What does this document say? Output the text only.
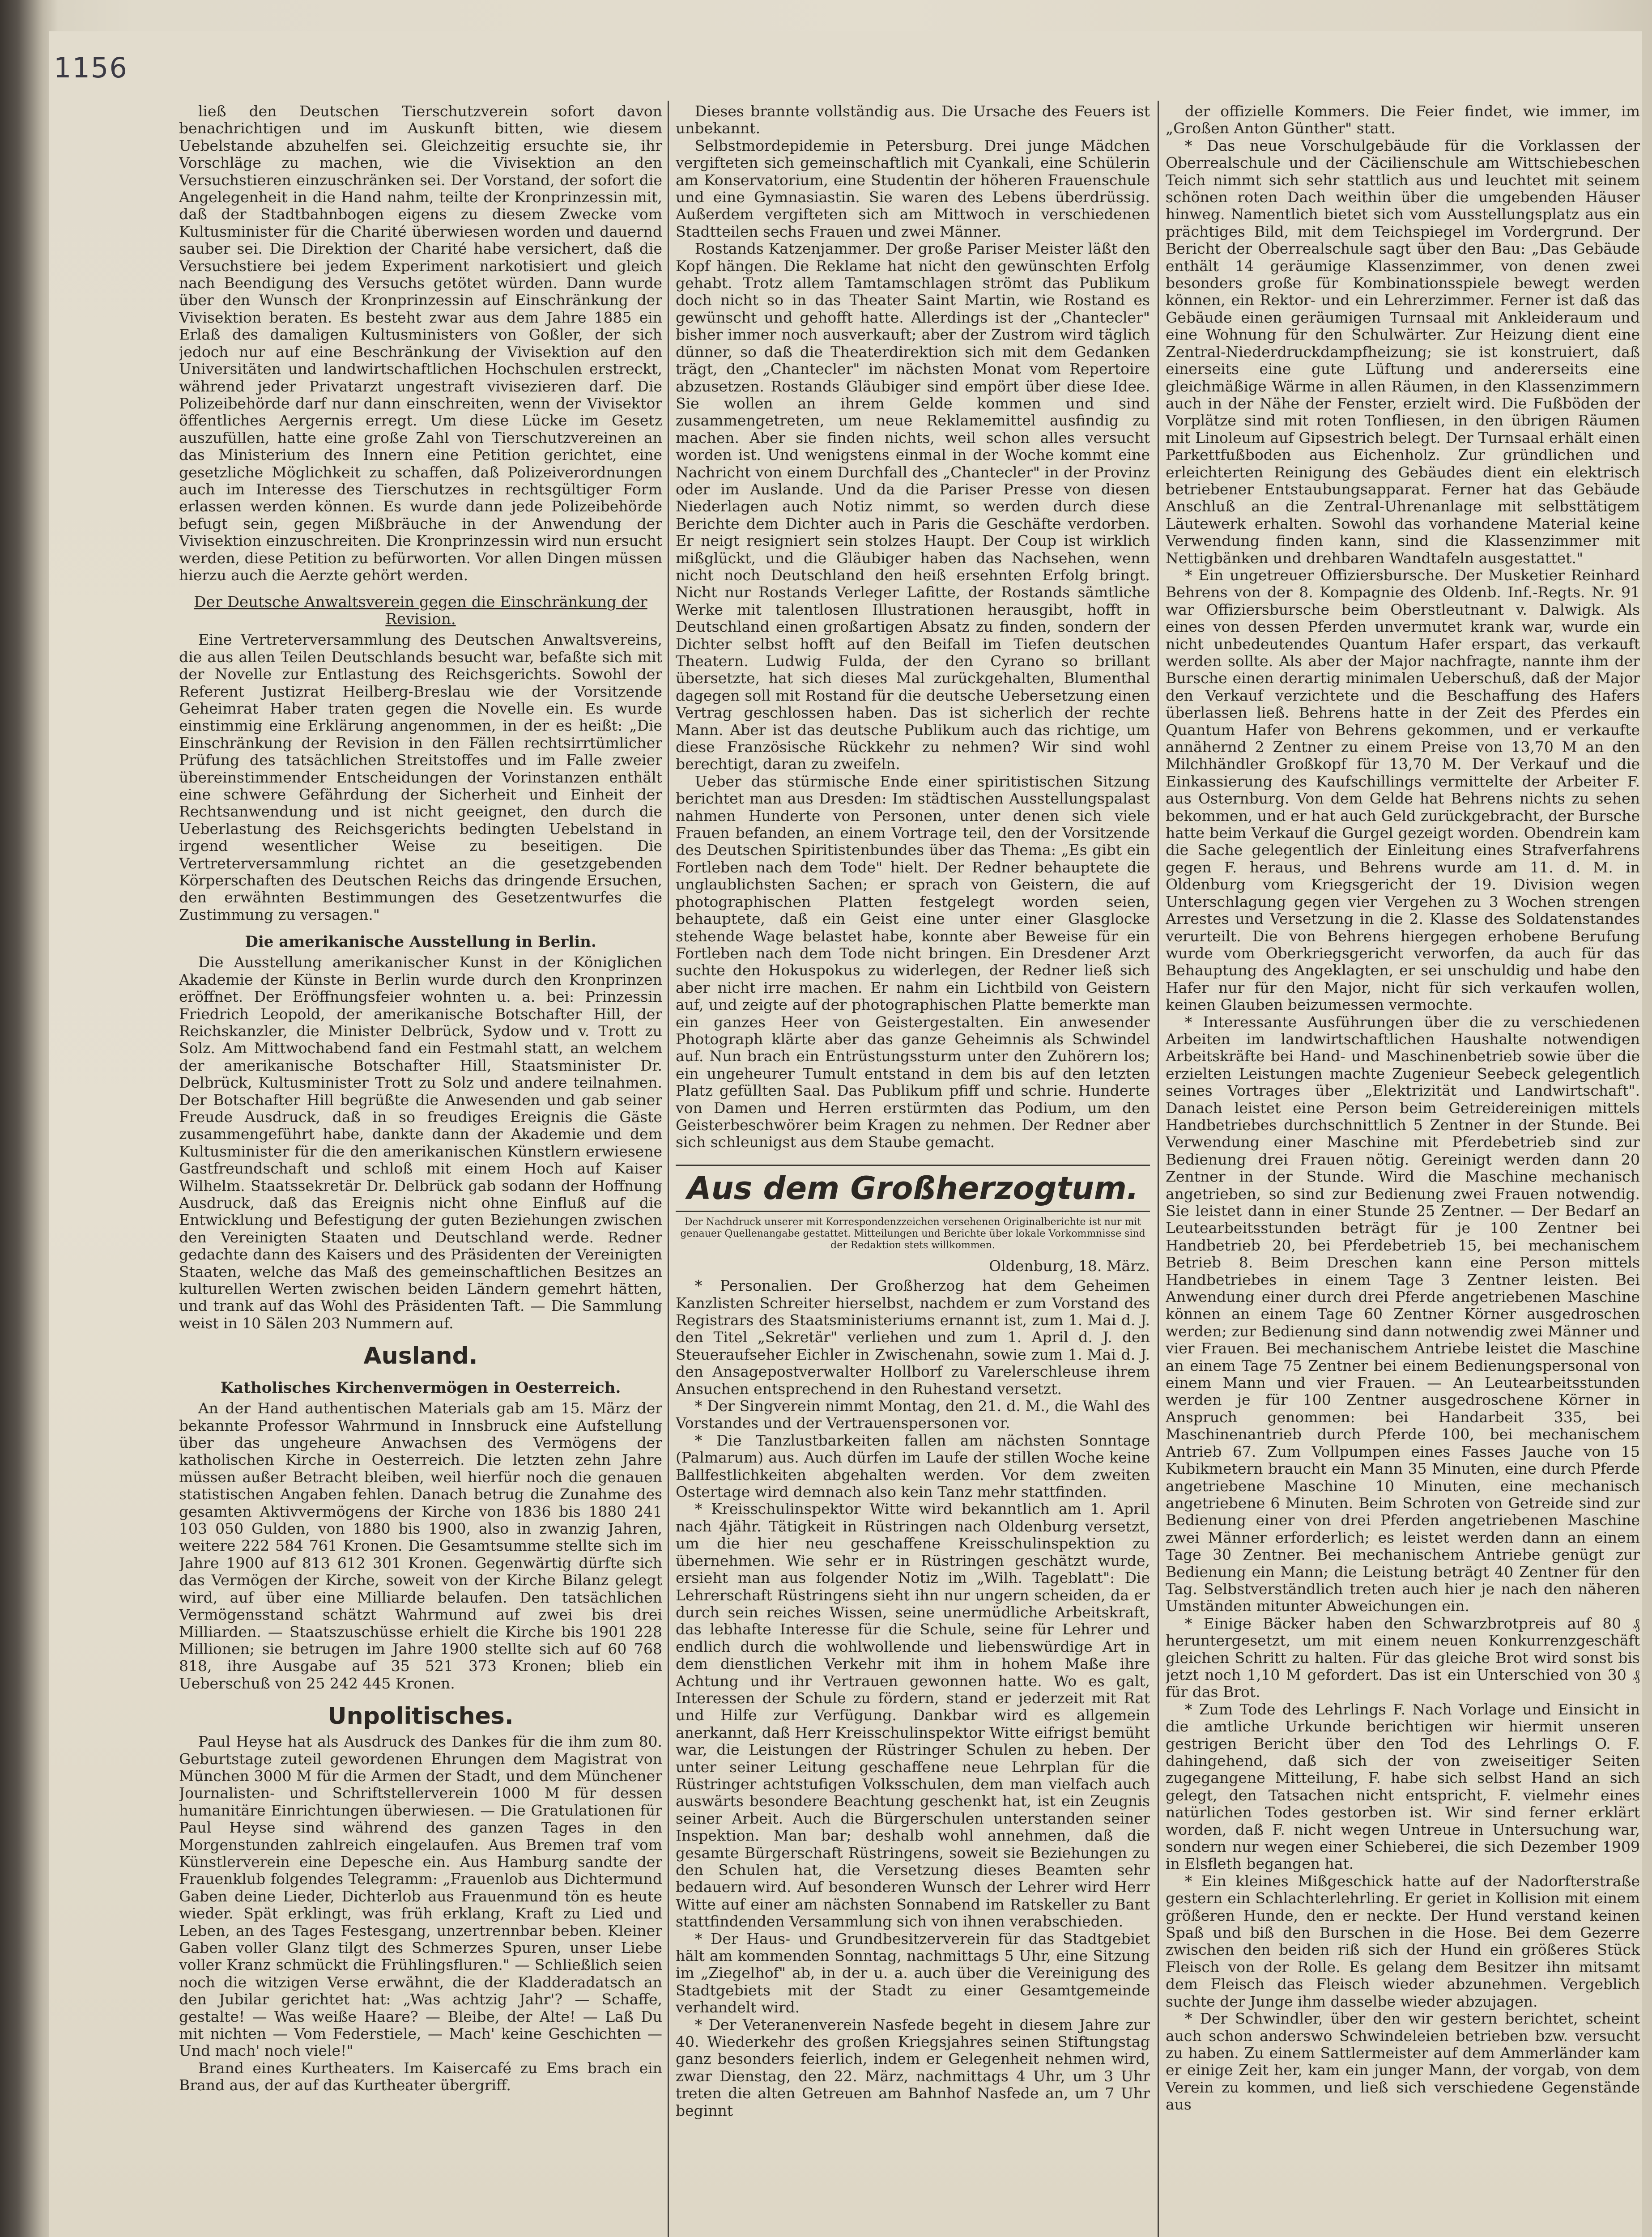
1156

ließ den Deutschen Tierschutzverein sofort davon benachrichtigen und im Auskunft bitten, wie diesem Uebelstande abzuhelfen sei. Gleichzeitig ersuchte sie, ihr Vorschläge zu machen, wie die Vivisektion an den Versuchstieren einzuschränken sei. Der Vorstand, der sofort die Angelegenheit in die Hand nahm, teilte der Kronprinzessin mit, daß der Stadtbahnbogen eigens zu diesem Zwecke vom Kultusminister für die Charité überwiesen worden und dauernd sauber sei. Die Direktion der Charité habe versichert, daß die Versuchstiere bei jedem Experiment narkotisiert und gleich nach Beendigung des Versuchs getötet würden. Dann wurde über den Wunsch der Kronprinzessin auf Einschränkung der Vivisektion beraten. Es besteht zwar aus dem Jahre 1885 ein Erlaß des damaligen Kultusministers von Goßler, der sich jedoch nur auf eine Beschränkung der Vivisektion auf den Universitäten und landwirtschaftlichen Hochschulen erstreckt, während jeder Privatarzt ungestraft vivisezieren darf. Die Polizeibehörde darf nur dann einschreiten, wenn der Vivisektor öffentliches Aergernis erregt. Um diese Lücke im Gesetz auszufüllen, hatte eine große Zahl von Tierschutzvereinen an das Ministerium des Innern eine Petition gerichtet, eine gesetzliche Möglichkeit zu schaffen, daß Polizeiverordnungen auch im Interesse des Tierschutzes in rechtsgültiger Form erlassen werden können. Es wurde dann jede Polizeibehörde befugt sein, gegen Mißbräuche in der Anwendung der Vivisektion einzuschreiten. Die Kronprinzessin wird nun ersucht werden, diese Petition zu befürworten. Vor allen Dingen müssen hierzu auch die Aerzte gehört werden.

Der Deutsche Anwaltsverein gegen die Einschränkung der Revision.

Eine Vertreterversammlung des Deutschen Anwaltsvereins, die aus allen Teilen Deutschlands besucht war, befaßte sich mit der Novelle zur Entlastung des Reichsgerichts. Sowohl der Referent Justizrat Heilberg-Breslau wie der Vorsitzende Geheimrat Haber traten gegen die Novelle ein. Es wurde einstimmig eine Erklärung angenommen, in der es heißt: „Die Einschränkung der Revision in den Fällen rechtsirrtümlicher Prüfung des tatsächlichen Streitstoffes und im Falle zweier übereinstimmender Entscheidungen der Vorinstanzen enthält eine schwere Gefährdung der Sicherheit und Einheit der Rechtsanwendung und ist nicht geeignet, den durch die Ueberlastung des Reichsgerichts bedingten Uebelstand in irgend wesentlicher Weise zu beseitigen. Die Vertreterversammlung richtet an die gesetzgebenden Körperschaften des Deutschen Reichs das dringende Ersuchen, den erwähnten Bestimmungen des Gesetzentwurfes die Zustimmung zu versagen."

Die amerikanische Ausstellung in Berlin.

Die Ausstellung amerikanischer Kunst in der Königlichen Akademie der Künste in Berlin wurde durch den Kronprinzen eröffnet. Der Eröffnungsfeier wohnten u. a. bei: Prinzessin Friedrich Leopold, der amerikanische Botschafter Hill, der Reichskanzler, die Minister Delbrück, Sydow und v. Trott zu Solz. Am Mittwochabend fand ein Festmahl statt, an welchem der amerikanische Botschafter Hill, Staatsminister Dr. Delbrück, Kultusminister Trott zu Solz und andere teilnahmen. Der Botschafter Hill begrüßte die Anwesenden und gab seiner Freude Ausdruck, daß in so freudiges Ereignis die Gäste zusammengeführt habe, dankte dann der Akademie und dem Kultusminister für die den amerikanischen Künstlern erwiesene Gastfreundschaft und schloß mit einem Hoch auf Kaiser Wilhelm. Staatssekretär Dr. Delbrück gab sodann der Hoffnung Ausdruck, daß das Ereignis nicht ohne Einfluß auf die Entwicklung und Befestigung der guten Beziehungen zwischen den Vereinigten Staaten und Deutschland werde. Redner gedachte dann des Kaisers und des Präsidenten der Vereinigten Staaten, welche das Maß des gemeinschaftlichen Besitzes an kulturellen Werten zwischen beiden Ländern gemehrt hätten, und trank auf das Wohl des Präsidenten Taft. — Die Sammlung weist in 10 Sälen 203 Nummern auf.

Ausland.
Katholisches Kirchenvermögen in Oesterreich.

An der Hand authentischen Materials gab am 15. März der bekannte Professor Wahrmund in Innsbruck eine Aufstellung über das ungeheure Anwachsen des Vermögens der katholischen Kirche in Oesterreich. Die letzten zehn Jahre müssen außer Betracht bleiben, weil hierfür noch die genauen statistischen Angaben fehlen. Danach betrug die Zunahme des gesamten Aktivvermögens der Kirche von 1836 bis 1880 241 103 050 Gulden, von 1880 bis 1900, also in zwanzig Jahren, weitere 222 584 761 Kronen. Die Gesamtsumme stellte sich im Jahre 1900 auf 813 612 301 Kronen. Gegenwärtig dürfte sich das Vermögen der Kirche, soweit von der Kirche Bilanz gelegt wird, auf über eine Milliarde belaufen. Den tatsächlichen Vermögensstand schätzt Wahrmund auf zwei bis drei Milliarden. — Staatszuschüsse erhielt die Kirche bis 1901 228 Millionen; sie betrugen im Jahre 1900 stellte sich auf 60 768 818, ihre Ausgabe auf 35 521 373 Kronen; blieb ein Ueberschuß von 25 242 445 Kronen.

Unpolitisches.

Paul Heyse hat als Ausdruck des Dankes für die ihm zum 80. Geburtstage zuteil gewordenen Ehrungen dem Magistrat von München 3000 M für die Armen der Stadt, und dem Münchener Journalisten- und Schriftstellerverein 1000 M für dessen humanitäre Einrichtungen überwiesen. — Die Gratulationen für Paul Heyse sind während des ganzen Tages in den Morgenstunden zahlreich eingelaufen. Aus Bremen traf vom Künstlerverein eine Depesche ein. Aus Hamburg sandte der Frauenklub folgendes Telegramm: „Frauenlob aus Dichtermund Gaben deine Lieder, Dichterlob aus Frauenmund tön es heute wieder. Spät erklingt, was früh erklang, Kraft zu Lied und Leben, an des Tages Festesgang, unzertrennbar beben. Kleiner Gaben voller Glanz tilgt des Schmerzes Spuren, unser Liebe voller Kranz schmückt die Frühlingsfluren." — Schließlich seien noch die witzigen Verse erwähnt, die der Kladderadatsch an den Jubilar gerichtet hat: „Was achtzig Jahr'? — Schaffe, gestalte! — Was weiße Haare? — Bleibe, der Alte! — Laß Du mit nichten — Vom Federstiele, — Mach' keine Geschichten — Und mach' noch viele!"

Brand eines Kurtheaters. Im Kaisercafé zu Ems brach ein Brand aus, der auf das Kurtheater übergriff.

Dieses brannte vollständig aus. Die Ursache des Feuers ist unbekannt.

Selbstmordepidemie in Petersburg. Drei junge Mädchen vergifteten sich gemeinschaftlich mit Cyankali, eine Schülerin am Konservatorium, eine Studentin der höheren Frauenschule und eine Gymnasiastin. Sie waren des Lebens überdrüssig. Außerdem vergifteten sich am Mittwoch in verschiedenen Stadtteilen sechs Frauen und zwei Männer.

Rostands Katzenjammer. Der große Pariser Meister läßt den Kopf hängen. Die Reklame hat nicht den gewünschten Erfolg gehabt. Trotz allem Tamtamschlagen strömt das Publikum doch nicht so in das Theater Saint Martin, wie Rostand es gewünscht und gehofft hatte. Allerdings ist der „Chantecler" bisher immer noch ausverkauft; aber der Zustrom wird täglich dünner, so daß die Theaterdirektion sich mit dem Gedanken trägt, den „Chantecler" im nächsten Monat vom Repertoire abzusetzen. Rostands Gläubiger sind empört über diese Idee. Sie wollen an ihrem Gelde kommen und sind zusammengetreten, um neue Reklamemittel ausfindig zu machen. Aber sie finden nichts, weil schon alles versucht worden ist. Und wenigstens einmal in der Woche kommt eine Nachricht von einem Durchfall des „Chantecler" in der Provinz oder im Auslande. Und da die Pariser Presse von diesen Niederlagen auch Notiz nimmt, so werden durch diese Berichte dem Dichter auch in Paris die Geschäfte verdorben. Er neigt resigniert sein stolzes Haupt. Der Coup ist wirklich mißglückt, und die Gläubiger haben das Nachsehen, wenn nicht noch Deutschland den heiß ersehnten Erfolg bringt. Nicht nur Rostands Verleger Lafitte, der Rostands sämtliche Werke mit talentlosen Illustrationen herausgibt, hofft in Deutschland einen großartigen Absatz zu finden, sondern der Dichter selbst hofft auf den Beifall im Tiefen deutschen Theatern. Ludwig Fulda, der den Cyrano so brillant übersetzte, hat sich dieses Mal zurückgehalten, Blumenthal dagegen soll mit Rostand für die deutsche Uebersetzung einen Vertrag geschlossen haben. Das ist sicherlich der rechte Mann. Aber ist das deutsche Publikum auch das richtige, um diese Französische Rückkehr zu nehmen? Wir sind wohl berechtigt, daran zu zweifeln.

Ueber das stürmische Ende einer spiritistischen Sitzung berichtet man aus Dresden: Im städtischen Ausstellungspalast nahmen Hunderte von Personen, unter denen sich viele Frauen befanden, an einem Vortrage teil, den der Vorsitzende des Deutschen Spiritistenbundes über das Thema: „Es gibt ein Fortleben nach dem Tode" hielt. Der Redner behauptete die unglaublichsten Sachen; er sprach von Geistern, die auf photographischen Platten festgelegt worden seien, behauptete, daß ein Geist eine unter einer Glasglocke stehende Wage belastet habe, konnte aber Beweise für ein Fortleben nach dem Tode nicht bringen. Ein Dresdener Arzt suchte den Hokuspokus zu widerlegen, der Redner ließ sich aber nicht irre machen. Er nahm ein Lichtbild von Geistern auf, und zeigte auf der photographischen Platte bemerkte man ein ganzes Heer von Geistergestalten. Ein anwesender Photograph klärte aber das ganze Geheimnis als Schwindel auf. Nun brach ein Entrüstungssturm unter den Zuhörern los; ein ungeheurer Tumult entstand in dem bis auf den letzten Platz gefüllten Saal. Das Publikum pfiff und schrie. Hunderte von Damen und Herren erstürmten das Podium, um den Geisterbeschwörer beim Kragen zu nehmen. Der Redner aber sich schleunigst aus dem Staube gemacht.

Aus dem Großherzogtum.
Der Nachdruck unserer mit Korrespondenzzeichen versehenen Originalberichte ist nur mit genauer Quellenangabe gestattet. Mitteilungen und Berichte über lokale Vorkommnisse sind der Redaktion stets willkommen.
Oldenburg, 18. März.

* Personalien. Der Großherzog hat dem Geheimen Kanzlisten Schreiter hierselbst, nachdem er zum Vorstand des Registrars des Staatsministeriums ernannt ist, zum 1. Mai d. J. den Titel „Sekretär" verliehen und zum 1. April d. J. den Steueraufseher Eichler in Zwischenahn, sowie zum 1. Mai d. J. den Ansagepostverwalter Hollborf zu Varelerschleuse ihrem Ansuchen entsprechend in den Ruhestand versetzt.

* Der Singverein nimmt Montag, den 21. d. M., die Wahl des Vorstandes und der Vertrauenspersonen vor.

* Die Tanzlustbarkeiten fallen am nächsten Sonntage (Palmarum) aus. Auch dürfen im Laufe der stillen Woche keine Ballfestlichkeiten abgehalten werden. Vor dem zweiten Ostertage wird demnach also kein Tanz mehr stattfinden.

* Kreisschulinspektor Witte wird bekanntlich am 1. April nach 4jähr. Tätigkeit in Rüstringen nach Oldenburg versetzt, um die hier neu geschaffene Kreisschulinspektion zu übernehmen. Wie sehr er in Rüstringen geschätzt wurde, ersieht man aus folgender Notiz im „Wilh. Tageblatt": Die Lehrerschaft Rüstringens sieht ihn nur ungern scheiden, da er durch sein reiches Wissen, seine unermüdliche Arbeitskraft, das lebhafte Interesse für die Schule, seine für Lehrer und endlich durch die wohlwollende und liebenswürdige Art in dem dienstlichen Verkehr mit ihm in hohem Maße ihre Achtung und ihr Vertrauen gewonnen hatte. Wo es galt, Interessen der Schule zu fördern, stand er jederzeit mit Rat und Hilfe zur Verfügung. Dankbar wird es allgemein anerkannt, daß Herr Kreisschulinspektor Witte eifrigst bemüht war, die Leistungen der Rüstringer Schulen zu heben. Der unter seiner Leitung geschaffene neue Lehrplan für die Rüstringer achtstufigen Volksschulen, dem man vielfach auch auswärts besondere Beachtung geschenkt hat, ist ein Zeugnis seiner Arbeit. Auch die Bürgerschulen unterstanden seiner Inspektion. Man bar; deshalb wohl annehmen, daß die gesamte Bürgerschaft Rüstringens, soweit sie Beziehungen zu den Schulen hat, die Versetzung dieses Beamten sehr bedauern wird. Auf besonderen Wunsch der Lehrer wird Herr Witte auf einer am nächsten Sonnabend im Ratskeller zu Bant stattfindenden Versammlung sich von ihnen verabschieden.

* Der Haus- und Grundbesitzerverein für das Stadtgebiet hält am kommenden Sonntag, nachmittags 5 Uhr, eine Sitzung im „Ziegelhof" ab, in der u. a. auch über die Vereinigung des Stadtgebiets mit der Stadt zu einer Gesamtgemeinde verhandelt wird.

* Der Veteranenverein Nasfede begeht in diesem Jahre zur 40. Wiederkehr des großen Kriegsjahres seinen Stiftungstag ganz besonders feierlich, indem er Gelegenheit nehmen wird, zwar Dienstag, den 22. März, nachmittags 4 Uhr, um 3 Uhr treten die alten Getreuen am Bahnhof Nasfede an, um 7 Uhr beginnt

der offizielle Kommers. Die Feier findet, wie immer, im „Großen Anton Günther" statt.

* Das neue Vorschulgebäude für die Vorklassen der Oberrealschule und der Cäcilienschule am Wittschiebeschen Teich nimmt sich sehr stattlich aus und leuchtet mit seinem schönen roten Dach weithin über die umgebenden Häuser hinweg. Namentlich bietet sich vom Ausstellungsplatz aus ein prächtiges Bild, mit dem Teichspiegel im Vordergrund. Der Bericht der Oberrealschule sagt über den Bau: „Das Gebäude enthält 14 geräumige Klassenzimmer, von denen zwei besonders große für Kombinationsspiele bewegt werden können, ein Rektor- und ein Lehrerzimmer. Ferner ist daß das Gebäude einen geräumigen Turnsaal mit Ankleideraum und eine Wohnung für den Schulwärter. Zur Heizung dient eine Zentral-Niederdruckdampfheizung; sie ist konstruiert, daß einerseits eine gute Lüftung und andererseits eine gleichmäßige Wärme in allen Räumen, in den Klassenzimmern auch in der Nähe der Fenster, erzielt wird. Die Fußböden der Vorplätze sind mit roten Tonfliesen, in den übrigen Räumen mit Linoleum auf Gipsestrich belegt. Der Turnsaal erhält einen Parkettfußboden aus Eichenholz. Zur gründlichen und erleichterten Reinigung des Gebäudes dient ein elektrisch betriebener Entstaubungsapparat. Ferner hat das Gebäude Anschluß an die Zentral-Uhrenanlage mit selbsttätigem Läutewerk erhalten. Sowohl das vorhandene Material keine Verwendung finden kann, sind die Klassenzimmer mit Nettigbänken und drehbaren Wandtafeln ausgestattet."

* Ein ungetreuer Offiziersbursche. Der Musketier Reinhard Behrens von der 8. Kompagnie des Oldenb. Inf.-Regts. Nr. 91 war Offiziersbursche beim Oberstleutnant v. Dalwigk. Als eines von dessen Pferden unvermutet krank war, wurde ein nicht unbedeutendes Quantum Hafer erspart, das verkauft werden sollte. Als aber der Major nachfragte, nannte ihm der Bursche einen derartig minimalen Ueberschuß, daß der Major den Verkauf verzichtete und die Beschaffung des Hafers überlassen ließ. Behrens hatte in der Zeit des Pferdes ein Quantum Hafer von Behrens gekommen, und er verkaufte annähernd 2 Zentner zu einem Preise von 13,70 M an den Milchhändler Großkopf für 13,70 M. Der Verkauf und die Einkassierung des Kaufschillings vermittelte der Arbeiter F. aus Osternburg. Von dem Gelde hat Behrens nichts zu sehen bekommen, und er hat auch Geld zurückgebracht, der Bursche hatte beim Verkauf die Gurgel gezeigt worden. Obendrein kam die Sache gelegentlich der Einleitung eines Strafverfahrens gegen F. heraus, und Behrens wurde am 11. d. M. in Oldenburg vom Kriegsgericht der 19. Division wegen Unterschlagung gegen vier Vergehen zu 3 Wochen strengen Arrestes und Versetzung in die 2. Klasse des Soldatenstandes verurteilt. Die von Behrens hiergegen erhobene Berufung wurde vom Oberkriegsgericht verworfen, da auch für das Behauptung des Angeklagten, er sei unschuldig und habe den Hafer nur für den Major, nicht für sich verkaufen wollen, keinen Glauben beizumessen vermochte.

* Interessante Ausführungen über die zu verschiedenen Arbeiten im landwirtschaftlichen Haushalte notwendigen Arbeitskräfte bei Hand- und Maschinenbetrieb sowie über die erzielten Leistungen machte Zugenieur Seebeck gelegentlich seines Vortrages über „Elektrizität und Landwirtschaft". Danach leistet eine Person beim Getreidereinigen mittels Handbetriebes durchschnittlich 5 Zentner in der Stunde. Bei Verwendung einer Maschine mit Pferdebetrieb sind zur Bedienung drei Frauen nötig. Gereinigt werden dann 20 Zentner in der Stunde. Wird die Maschine mechanisch angetrieben, so sind zur Bedienung zwei Frauen notwendig. Sie leistet dann in einer Stunde 25 Zentner. — Der Bedarf an Leutearbeitsstunden beträgt für je 100 Zentner bei Handbetrieb 20, bei Pferdebetrieb 15, bei mechanischem Betrieb 8. Beim Dreschen kann eine Person mittels Handbetriebes in einem Tage 3 Zentner leisten. Bei Anwendung einer durch drei Pferde angetriebenen Maschine können an einem Tage 60 Zentner Körner ausgedroschen werden; zur Bedienung sind dann notwendig zwei Männer und vier Frauen. Bei mechanischem Antriebe leistet die Maschine an einem Tage 75 Zentner bei einem Bedienungspersonal von einem Mann und vier Frauen. — An Leutearbeitsstunden werden je für 100 Zentner ausgedroschene Körner in Anspruch genommen: bei Handarbeit 335, bei Maschinenantrieb durch Pferde 100, bei mechanischem Antrieb 67. Zum Vollpumpen eines Fasses Jauche von 15 Kubikmetern braucht ein Mann 35 Minuten, eine durch Pferde angetriebene Maschine 10 Minuten, eine mechanisch angetriebene 6 Minuten. Beim Schroten von Getreide sind zur Bedienung einer von drei Pferden angetriebenen Maschine zwei Männer erforderlich; es leistet werden dann an einem Tage 30 Zentner. Bei mechanischem Antriebe genügt zur Bedienung ein Mann; die Leistung beträgt 40 Zentner für den Tag. Selbstverständlich treten auch hier je nach den näheren Umständen mitunter Abweichungen ein.

* Einige Bäcker haben den Schwarzbrotpreis auf 80 ₰ heruntergesetzt, um mit einem neuen Konkurrenzgeschäft gleichen Schritt zu halten. Für das gleiche Brot wird sonst bis jetzt noch 1,10 M gefordert. Das ist ein Unterschied von 30 ₰ für das Brot.

* Zum Tode des Lehrlings F. Nach Vorlage und Einsicht in die amtliche Urkunde berichtigen wir hiermit unseren gestrigen Bericht über den Tod des Lehrlings O. F. dahingehend, daß sich der von zweiseitiger Seiten zugegangene Mitteilung, F. habe sich selbst Hand an sich gelegt, den Tatsachen nicht entspricht, F. vielmehr eines natürlichen Todes gestorben ist. Wir sind ferner erklärt worden, daß F. nicht wegen Untreue in Untersuchung war, sondern nur wegen einer Schieberei, die sich Dezember 1909 in Elsfleth begangen hat.

* Ein kleines Mißgeschick hatte auf der Nadorfterstraße gestern ein Schlachterlehrling. Er geriet in Kollision mit einem größeren Hunde, den er neckte. Der Hund verstand keinen Spaß und biß den Burschen in die Hose. Bei dem Gezerre zwischen den beiden riß sich der Hund ein größeres Stück Fleisch von der Rolle. Es gelang dem Besitzer ihn mitsamt dem Fleisch das Fleisch wieder abzunehmen. Vergeblich suchte der Junge ihm dasselbe wieder abzujagen.

* Der Schwindler, über den wir gestern berichtet, scheint auch schon anderswo Schwindeleien betrieben bzw. versucht zu haben. Zu einem Sattlermeister auf dem Ammerländer kam er einige Zeit her, kam ein junger Mann, der vorgab, von dem Verein zu kommen, und ließ sich verschiedene Gegenstände aus
